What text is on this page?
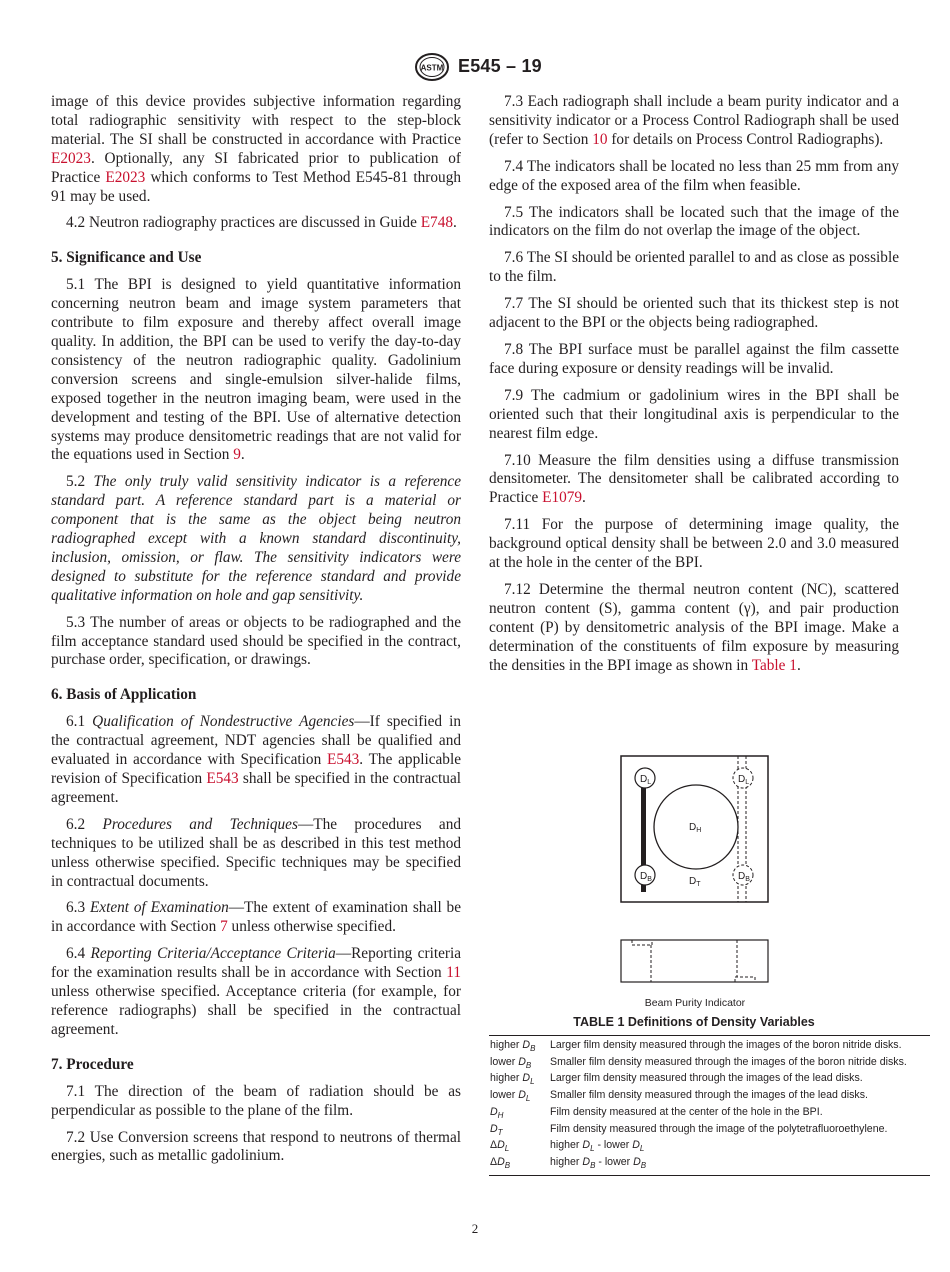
ASTM E545 – 19

image of this device provides subjective information regarding total radiographic sensitivity with respect to the step-block material. The SI shall be constructed in accordance with Practice E2023. Optionally, any SI fabricated prior to publication of Practice E2023 which conforms to Test Method E545-81 through 91 may be used.

4.2 Neutron radiography practices are discussed in Guide E748.

5. Significance and Use

5.1 The BPI is designed to yield quantitative information concerning neutron beam and image system parameters that contribute to film exposure and thereby affect overall image quality. In addition, the BPI can be used to verify the day-to-day consistency of the neutron radiographic quality. Gadolinium conversion screens and single-emulsion silver-halide films, exposed together in the neutron imaging beam, were used in the development and testing of the BPI. Use of alternative detection systems may produce densitometric readings that are not valid for the equations used in Section 9.

5.2 The only truly valid sensitivity indicator is a reference standard part. A reference standard part is a material or component that is the same as the object being neutron radiographed except with a known standard discontinuity, inclusion, omission, or flaw. The sensitivity indicators were designed to substitute for the reference standard and provide qualitative information on hole and gap sensitivity.

5.3 The number of areas or objects to be radiographed and the film acceptance standard used should be specified in the contract, purchase order, specification, or drawings.

6. Basis of Application

6.1 Qualification of Nondestructive Agencies—If specified in the contractual agreement, NDT agencies shall be qualified and evaluated in accordance with Specification E543. The applicable revision of Specification E543 shall be specified in the contractual agreement.

6.2 Procedures and Techniques—The procedures and techniques to be utilized shall be as described in this test method unless otherwise specified. Specific techniques may be specified in contractual documents.

6.3 Extent of Examination—The extent of examination shall be in accordance with Section 7 unless otherwise specified.

6.4 Reporting Criteria/Acceptance Criteria—Reporting criteria for the examination results shall be in accordance with Section 11 unless otherwise specified. Acceptance criteria (for example, for reference radiographs) shall be specified in the contractual agreement.

7. Procedure

7.1 The direction of the beam of radiation should be as perpendicular as possible to the plane of the film.

7.2 Use Conversion screens that respond to neutrons of thermal energies, such as metallic gadolinium.

7.3 Each radiograph shall include a beam purity indicator and a sensitivity indicator or a Process Control Radiograph shall be used (refer to Section 10 for details on Process Control Radiographs).

7.4 The indicators shall be located no less than 25 mm from any edge of the exposed area of the film when feasible.

7.5 The indicators shall be located such that the image of the indicators on the film do not overlap the image of the object.

7.6 The SI should be oriented parallel to and as close as possible to the film.

7.7 The SI should be oriented such that its thickest step is not adjacent to the BPI or the objects being radiographed.

7.8 The BPI surface must be parallel against the film cassette face during exposure or density readings will be invalid.

7.9 The cadmium or gadolinium wires in the BPI shall be oriented such that their longitudinal axis is perpendicular to the nearest film edge.

7.10 Measure the film densities using a diffuse transmission densitometer. The densitometer shall be calibrated according to Practice E1079.

7.11 For the purpose of determining image quality, the background optical density shall be between 2.0 and 3.0 measured at the hole in the center of the BPI.

7.12 Determine the thermal neutron content (NC), scattered neutron content (S), gamma content (γ), and pair production content (P) by densitometric analysis of the BPI image. Make a determination of the constituents of film exposure by measuring the densities in the BPI image as shown in Table 1.

$D_L$	$D_L$
$D_B$	$D_B$
$D_H$
$D_T$
Beam Purity Indicator
TABLE 1 Definitions of Density Variables
higher $D_B$	Larger film density measured through the images of the boron nitride disks.
lower $D_B$	Smaller film density measured through the images of the boron nitride disks.
higher $D_L$	Larger film density measured through the images of the lead disks.
lower $D_L$	Smaller film density measured through the images of the lead disks.
$D_H$	Film density measured at the center of the hole in the BPI.
$D_T$	Film density measured through the image of the polytetrafluoroethylene.
$\Delta D_L$	higher $D_L$ - lower $D_L$
$\Delta D_B$	higher $D_B$ - lower $D_B$
2
